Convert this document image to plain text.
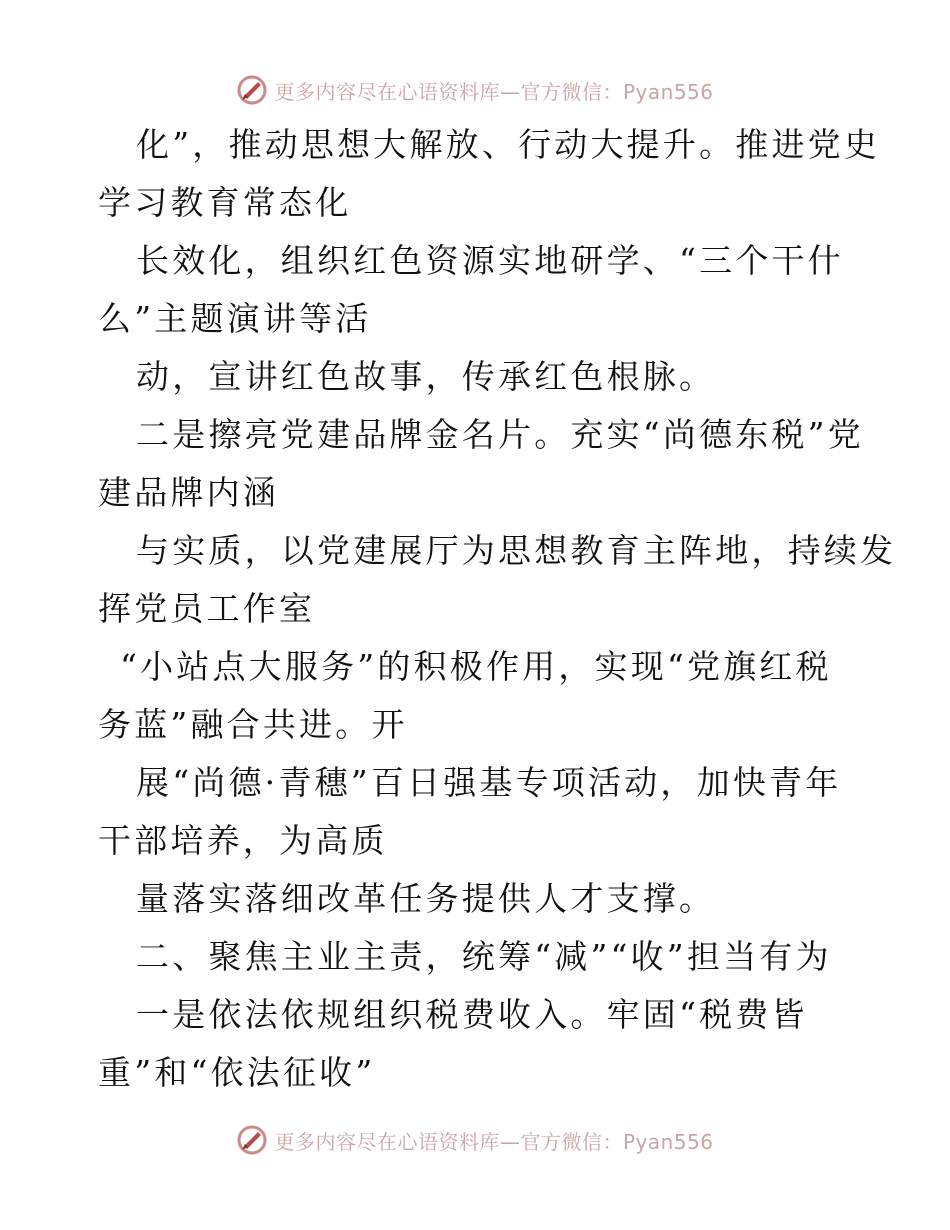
更多内容尽在心语资料库—官方微信：Pyan556
化”，推动思想大解放、行动大提升。推进党史
学习教育常态化
长效化，组织红色资源实地研学、“三个干什
么”主题演讲等活
动，宣讲红色故事，传承红色根脉。
二是擦亮党建品牌金名片。充实“尚德东税”党
建品牌内涵
与实质，以党建展厅为思想教育主阵地，持续发
挥党员工作室
“小站点大服务”的积极作用，实现“党旗红税
务蓝”融合共进。开
展“尚德·青穗”百日强基专项活动，加快青年
干部培养，为高质
量落实落细改革任务提供人才支撑。
二、聚焦主业主责，统筹“减”“收”担当有为
一是依法依规组织税费收入。牢固“税费皆
重”和“依法征收”
更多内容尽在心语资料库—官方微信：Pyan556
